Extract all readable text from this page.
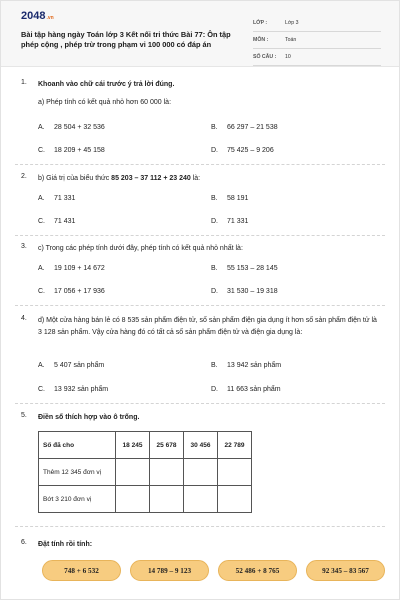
2048.vn
Bài tập hàng ngày Toán lớp 3 Kết nối tri thức Bài 77: Ôn tập phép cộng , phép trừ trong phạm vi 100 000 có đáp án
LỚP :	Lớp 3
MÔN :	Toán
SỐ CÂU :	10
1. Khoanh vào chữ cái trước ý trả lời đúng.
a) Phép tính có kết quả nhỏ hơn 60 000 là:
A.	28 504 + 32 536	B.	66 297 – 21 538
C.	18 209 + 45 158	D.	75 425 – 9 206
2. b) Giá trị của biểu thức 85 203 – 37 112 + 23 240 là:
A.	71 331	B.	58 191
C.	71 431	D.	71 331
3. c) Trong các phép tính dưới đây, phép tính có kết quả nhỏ nhất là:
A.	19 109 + 14 672	B.	55 153 – 28 145
C.	17 056 + 17 936	D.	31 530 – 19 318
4. d) Một cửa hàng bán lẻ có 8 535 sản phẩm điện tử, số sản phẩm điện gia dụng ít hơn số sản phẩm điện tử là 3 128 sản phẩm. Vậy cửa hàng đó có tất cả số sản phẩm điện tử và điện gia dụng là:
A.	5 407 sản phẩm	B.	13 942 sản phẩm
C.	13 932 sản phẩm	D.	11 663 sản phẩm
5. Điền số thích hợp vào ô trống.
Số đã cho	18 245	25 678	30 456	22 789
Thêm 12 345 đơn vị				
Bớt 3 210 đơn vị				
6. Đặt tính rồi tính:
748 + 6 532	14 789 – 9 123	52 486 + 8 765	92 345 – 83 567
